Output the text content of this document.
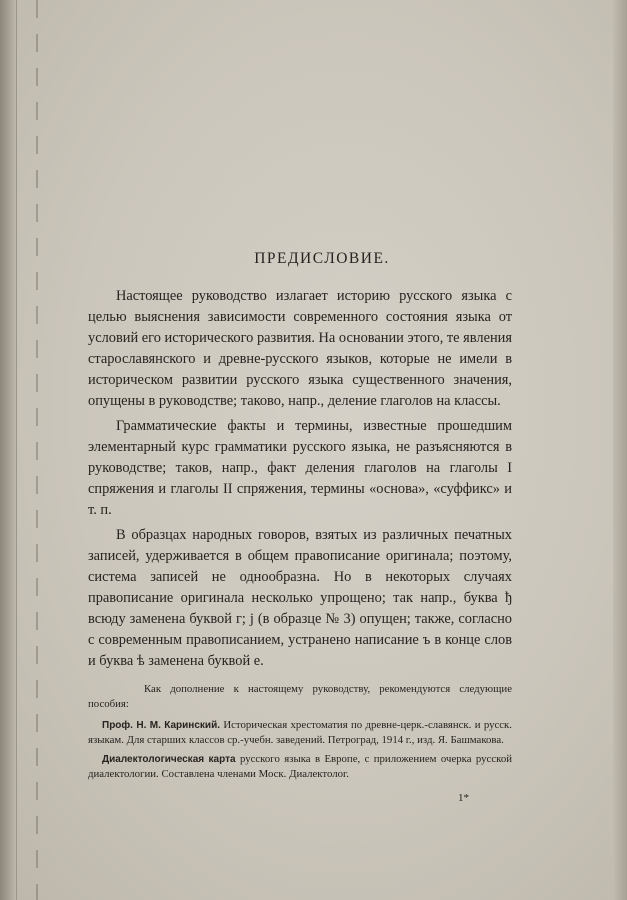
ПРЕДИСЛОВИЕ.

Настоящее руководство излагает историю русского языка с целью выяснения зависимости современного состояния языка от условий его исторического развития. На основании этого, те явления старославянского и древне-русского языков, которые не имели в историческом развитии русского языка существенного значения, опущены в руководстве; таково, напр., деление глаголов на классы.

Грамматические факты и термины, известные прошедшим элементарный курс грамматики русского языка, не разъясняются в руководстве; таков, напр., факт деления глаголов на глаголы I спряжения и глаголы II спряжения, термины «основа», «суффикс» и т. п.

В образцах народных говоров, взятых из различных печатных записей, удерживается в общем правописание оригинала; поэтому, система записей не однообразна. Но в некоторых случаях правописание оригинала несколько упрощено; так напр., буква ђ всюду заменена буквой г; j (в образце № 3) опущен; также, согласно с современным правописанием, устранено написание ъ в конце слов и буква ѣ заменена буквой е.

Как дополнение к настоящему руководству, рекомендуются следующие пособия:

Проф. Н. М. Каринский. Историческая хрестоматия по древне-церк.-славянск. и русск. языкам. Для старших классов ср.-учебн. заведений. Петроград, 1914 г., изд. Я. Башмакова.

Диалектологическая карта русского языка в Европе, с приложением очерка русской диалектологии. Составлена членами Моск. Диалектолог.

1*
